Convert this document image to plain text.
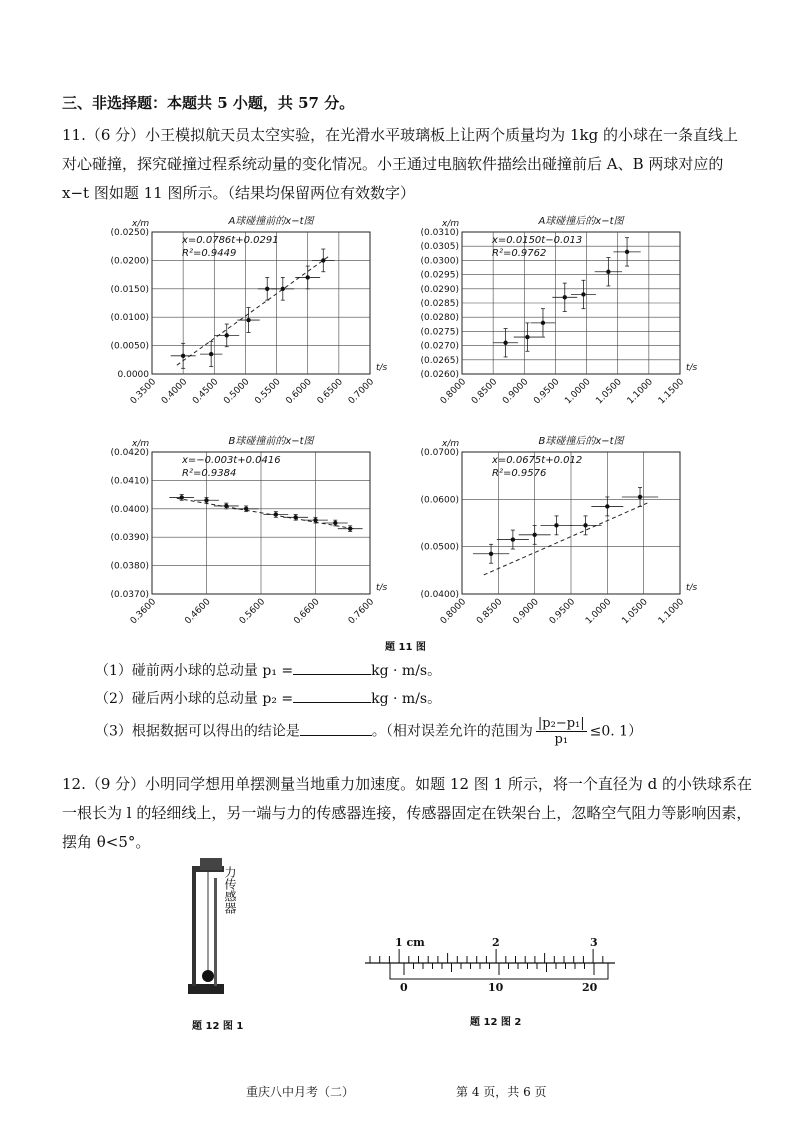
三、非选择题：本题共 5 小题，共 57 分。
11.（6 分）小王模拟航天员太空实验，在光滑水平玻璃板上让两个质量均为 1kg 的小球在一条直线上对心碰撞，探究碰撞过程系统动量的变化情况。小王通过电脑软件描绘出碰撞前后 A、B 两球对应的 x−t 图如题 11 图所示。（结果均保留两位有效数字）
0.3500 0.4000 0.4500 0.5000 0.5500 0.6000 0.6500 0.7000
0.0000
(0.0050)
(0.0100)
(0.0150)
(0.0200)
(0.0250)
A球碰撞前的x−t图
x/m
t/s
x=0.0786t+0.0291
R²=0.9449
0.8000 0.8500 0.9000 0.9500 1.0000 1.0500 1.1000 1.1500
(0.0260)
(0.0265)
(0.0270)
(0.0275)
(0.0280)
(0.0285)
(0.0290)
(0.0295)
(0.0300)
(0.0305)
(0.0310)
A球碰撞后的x−t图
x/m
t/s
x=0.0150t−0.013
R²=0.9762
0.3600	0.4600	0.5600	0.6600	0.7600
(0.0370)
(0.0380)
(0.0390)
(0.0400)
(0.0410)
(0.0420)
B球碰撞前的x−t图
x/m
t/s
x=−0.003t+0.0416
R²=0.9384
0.8000 0.8500 0.9000 0.9500 1.0000 1.0500 1.1000
(0.0400)
(0.0500)
(0.0600)
(0.0700)
B球碰撞后的x−t图
x/m
t/s
x=0.0675t+0.012
R²=0.9576
题 11 图
（1）碰前两小球的总动量 p₁ =	kg · m/s。
（2）碰后两小球的总动量 p₂ =	kg · m/s。
（3）根据数据可以得出的结论是	。（相对误差允许的范围为 $\frac{\text{|p₂−p₁|}}{\text{p₁}} \le 0$. 1）
12.（9 分）小明同学想用单摆测量当地重力加速度。如题 12 图 1 所示，将一个直径为 d 的小铁球系在一根长为 l 的轻细线上，另一端与力的传感器连接，传感器固定在铁架台上，忽略空气阻力等影响因素，摆角 θ<5°。
力传感器
题 12 图 1
1 cm	2	3
0	10	20
题 12 图 2
重庆八中月考（二）	第 4 页，共 6 页
